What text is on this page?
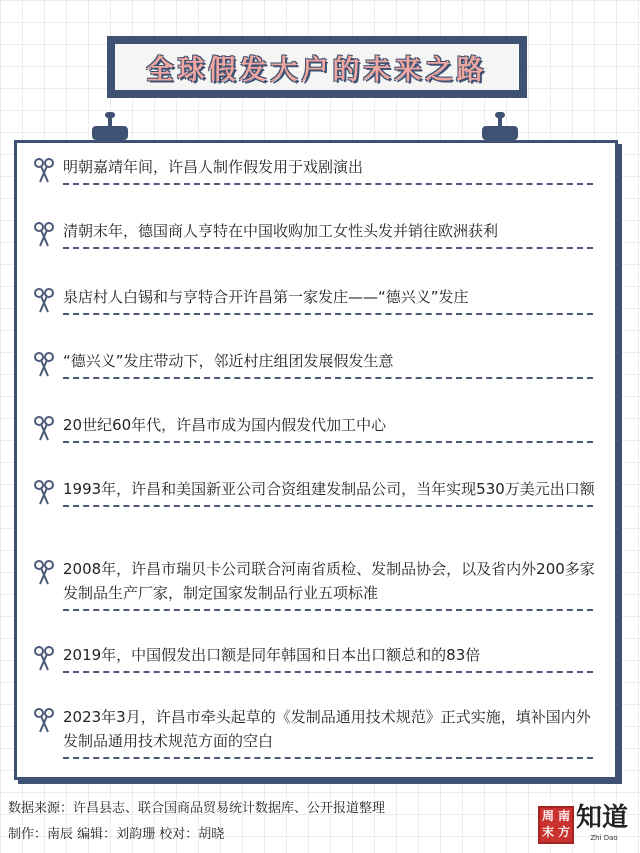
全球假发大户的未来之路
明朝嘉靖年间，许昌人制作假发用于戏剧演出
清朝末年，德国商人亨特在中国收购加工女性头发并销往欧洲获利
泉店村人白锡和与亨特合开许昌第一家发庄——“德兴义”发庄
“德兴义”发庄带动下，邻近村庄组团发展假发生意
20世纪60年代，许昌市成为国内假发代加工中心
1993年，许昌和美国新亚公司合资组建发制品公司，当年实现530万美元出口额
2008年，许昌市瑞贝卡公司联合河南省质检、发制品协会，以及省内外200多家发制品生产厂家，制定国家发制品行业五项标准
2019年，中国假发出口额是同年韩国和日本出口额总和的83倍
2023年3月，许昌市牵头起草的《发制品通用技术规范》正式实施，填补国内外发制品通用技术规范方面的空白
数据来源：许昌县志、联合国商品贸易统计数据库、公开报道整理
制作：南辰 编辑：刘韵珊 校对：胡晓
周
末
南
方 知道
Zhi Dao
